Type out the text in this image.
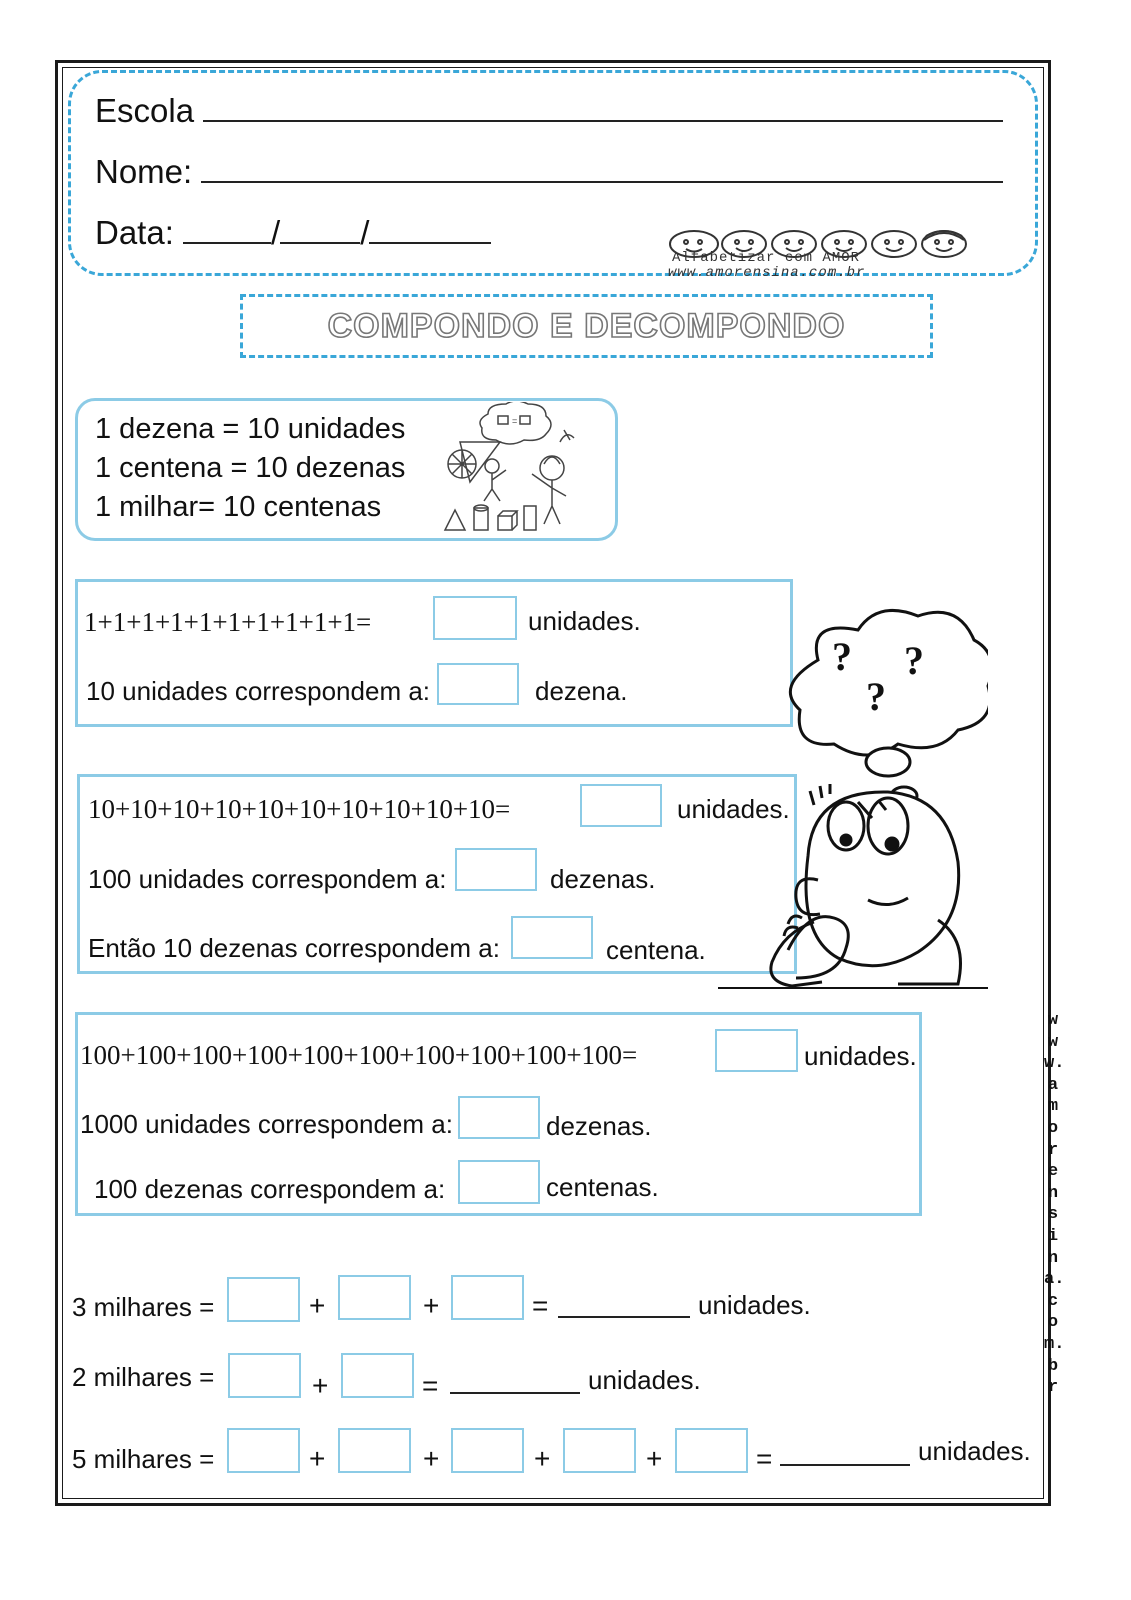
Escola
Nome:
Data:	/ /
Alfabetizar com AMOR
www.amorensina.com.br
COMPONDO E DECOMPONDO
1 dezena = 10 unidades
1 centena = 10 dezenas
1 milhar= 10 centenas
=
1+1+1+1+1+1+1+1+1+1=	unidades.
10 unidades correspondem a:	dezena.
10+10+10+10+10+10+10+10+10+10=	unidades.
100 unidades correspondem a:	dezenas.
Então 10 dezenas correspondem a:	centena.
? ?
?
100+100+100+100+100+100+100+100+100+100=	unidades.
1000 unidades correspondem a:	dezenas.
100 dezenas correspondem a:	centenas.
3 milhares =	+	+	=	unidades.
2 milhares =	+	=	unidades.
5 milhares =	+	+	+	+	=	unidades.
www.amorensina.com.br
